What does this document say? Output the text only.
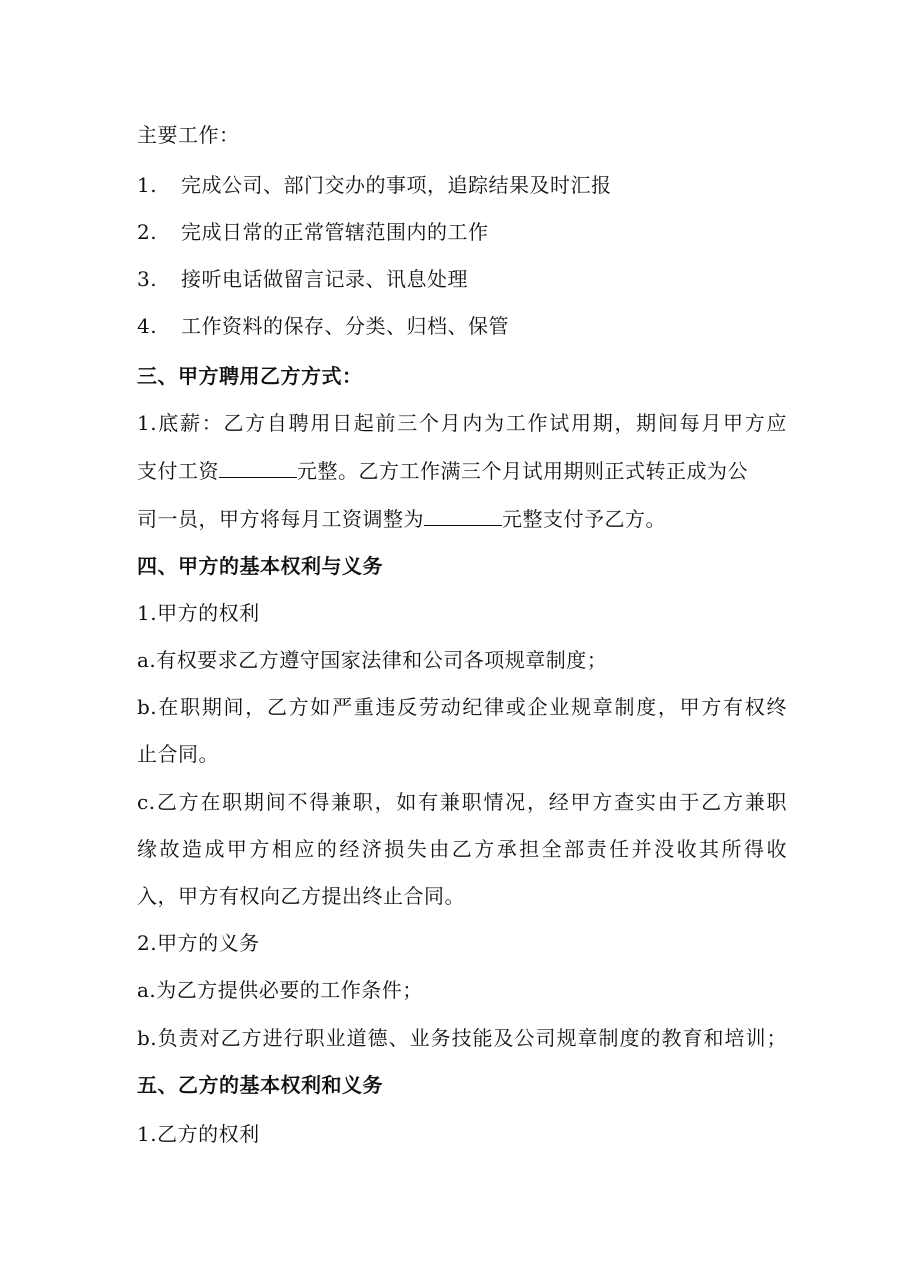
主要工作：
1. 完成公司、部门交办的事项，追踪结果及时汇报
2. 完成日常的正常管辖范围内的工作
3. 接听电话做留言记录、讯息处理
4. 工作资料的保存、分类、归档、保管
三、甲方聘用乙方方式：
1.底薪：乙方自聘用日起前三个月内为工作试用期，期间每月甲方应
支付工资	元整。乙方工作满三个月试用期则正式转正成为公
司一员，甲方将每月工资调整为	元整支付予乙方。
四、甲方的基本权利与义务
1.甲方的权利
a.有权要求乙方遵守国家法律和公司各项规章制度；
b.在职期间，乙方如严重违反劳动纪律或企业规章制度，甲方有权终
止合同。
c.乙方在职期间不得兼职，如有兼职情况，经甲方查实由于乙方兼职
缘故造成甲方相应的经济损失由乙方承担全部责任并没收其所得收
入，甲方有权向乙方提出终止合同。
2.甲方的义务
a.为乙方提供必要的工作条件；
b.负责对乙方进行职业道德、业务技能及公司规章制度的教育和培训；
五、乙方的基本权利和义务
1.乙方的权利
